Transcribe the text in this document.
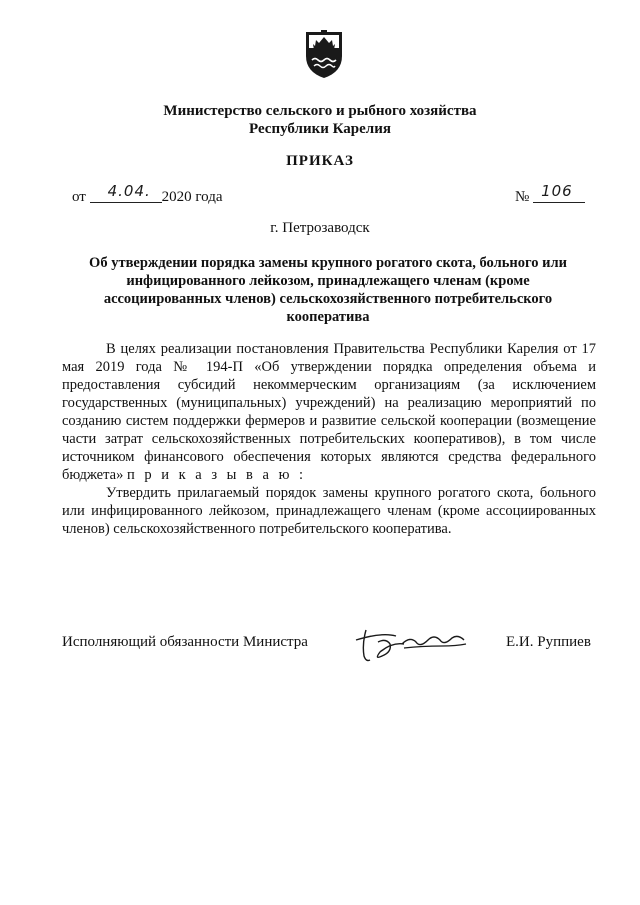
Министерство сельского и рыбного хозяйства
Республики Карелия
ПРИКАЗ
от 4.04. 2020 года	№ 106
г. Петрозаводск
Об утверждении порядка замены крупного рогатого скота, больного или инфицированного лейкозом, принадлежащего членам (кроме ассоциированных членов) сельскохозяйственного потребительского кооператива

В целях реализации постановления Правительства Республики Карелия от 17 мая 2019 года № 194-П «Об утверждении порядка определения объема и предоставления субсидий некоммерческим организациям (за исключением государственных (муниципальных) учреждений) на реализацию мероприятий по созданию систем поддержки фермеров и развитие сельской кооперации (возмещение части затрат сельскохозяйственных потребительских кооперативов), в том числе источником финансового обеспечения которых являются средства федерального бюджета» п р и к а з ы в а ю :

Утвердить прилагаемый порядок замены крупного рогатого скота, больного или инфицированного лейкозом, принадлежащего членам (кроме ассоциированных членов) сельскохозяйственного потребительского кооператива.

Исполняющий обязанности Министра	Е.И. Руппиев
